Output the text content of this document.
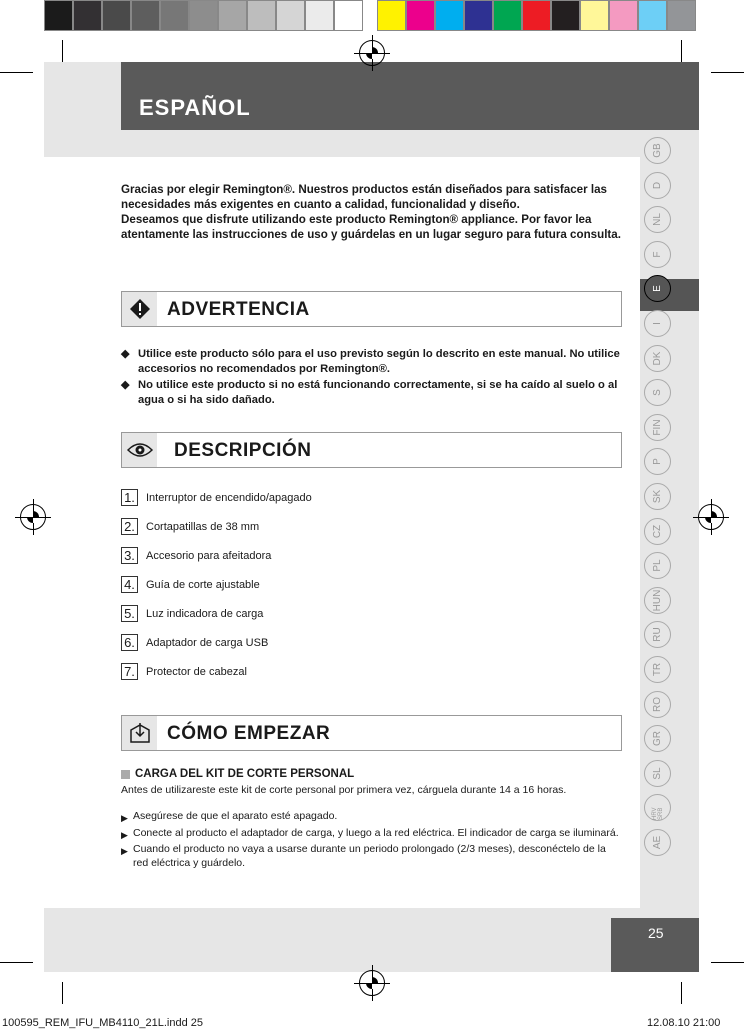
ESPAÑOL
GB
D
NL
F
E
I
DK
S
FIN
P
SK
CZ
PL
HUN
RU
TR
RO
GR
SL
HRV SRB
AE

Gracias por elegir Remington®. Nuestros productos están diseñados para satisfacer las necesidades más exigentes en cuanto a calidad, funcionalidad y diseño.

Deseamos que disfrute utilizando este producto Remington® appliance. Por favor lea atentamente las instrucciones de uso y guárdelas en un lugar seguro para futura consulta.

ADVERTENCIA
◆ Utilice este producto sólo para el uso previsto según lo descrito en este manual. No utilice accesorios no recomendados por Remington®.
◆ No utilice este producto si no está funcionando correctamente, si se ha caído al suelo o al agua o si ha sido dañado.
DESCRIPCIÓN
1. Interruptor de encendido/apagado
2. Cortapatillas de 38 mm
3. Accesorio para afeitadora
4. Guía de corte ajustable
5. Luz indicadora de carga
6. Adaptador de carga USB
7. Protector de cabezal
CÓMO EMPEZAR
CARGA DEL KIT DE CORTE PERSONAL
Antes de utilizareste este kit de corte personal por primera vez, cárguela durante 14 a 16 horas.
▶ Asegúrese de que el aparato esté apagado.
▶ Conecte al producto el adaptador de carga, y luego a la red eléctrica. El indicador de carga se iluminará.
▶ Cuando el producto no vaya a usarse durante un periodo prolongado (2/3 meses), desconéctelo de la red eléctrica y guárdelo.
25
100595_REM_IFU_MB4110_21L.indd 25	12.08.10 21:00
